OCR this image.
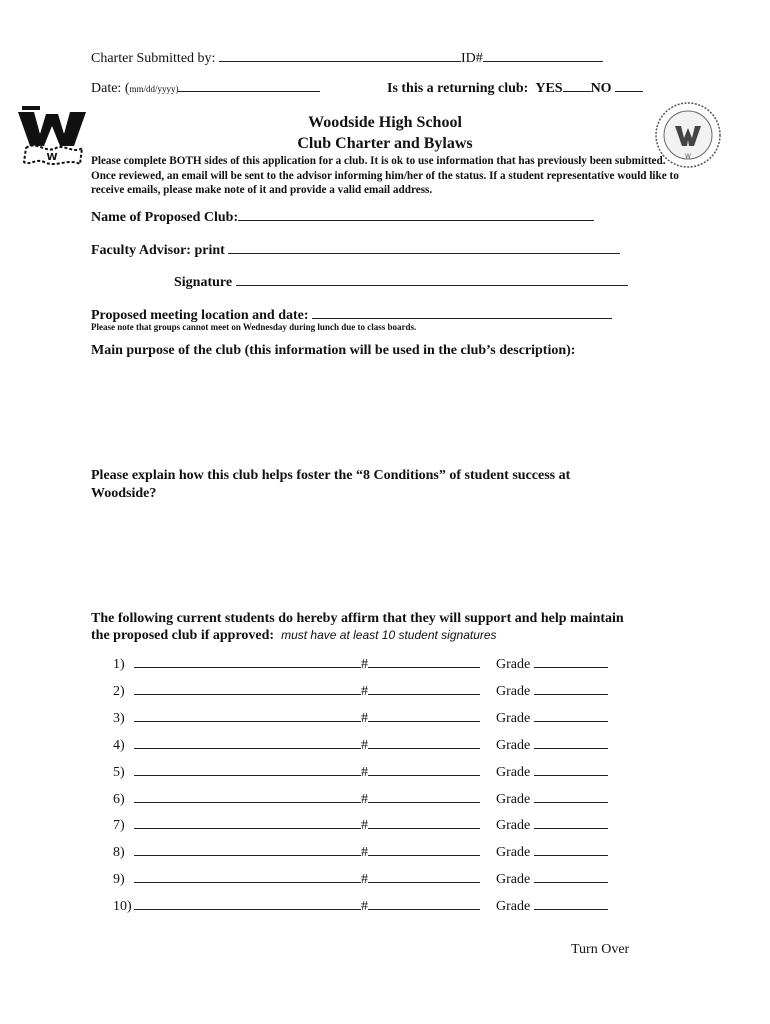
Charter Submitted by:	ID#
Date: (mm/dd/yyyy)	Is this a returning club: YES NO
W	W
Woodside High School
Club Charter and Bylaws
Please complete BOTH sides of this application for a club. It is ok to use information that has previously been submitted. Once reviewed, an email will be sent to the advisor informing him/her of the status. If a student representative would like to receive emails, please make note of it and provide a valid email address.
Name of Proposed Club:
Faculty Advisor: print
Signature
Proposed meeting location and date:
Please note that groups cannot meet on Wednesday during lunch due to class boards.
Main purpose of the club (this information will be used in the club’s description):
Please explain how this club helps foster the “8 Conditions” of student success at
Woodside?
The following current students do hereby affirm that they will support and help maintain
the proposed club if approved: must have at least 10 student signatures
1)	#	Grade
2)	#	Grade
3)	#	Grade
4)	#	Grade
5)	#	Grade
6)	#	Grade
7)	#	Grade
8)	#	Grade
9)	#	Grade
10)	#	Grade
Turn Over
